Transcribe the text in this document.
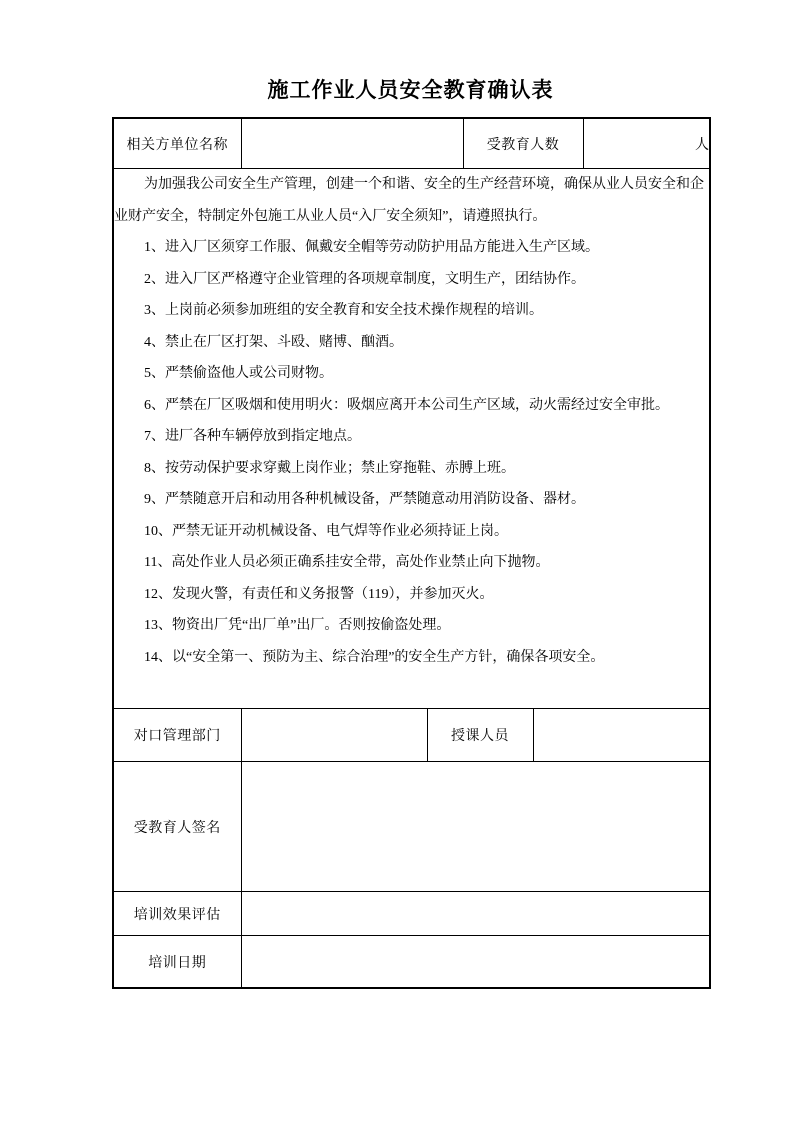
施工作业人员安全教育确认表
相关方单位名称			受教育人数		人

为加强我公司安全生产管理，创建一个和谐、安全的生产经营环境，确保从业人员安全和企
业财产安全，特制定外包施工从业人员“入厂安全须知”，请遵照执行。
1、进入厂区须穿工作服、佩戴安全帽等劳动防护用品方能进入生产区域。
2、进入厂区严格遵守企业管理的各项规章制度，文明生产，团结协作。
3、上岗前必须参加班组的安全教育和安全技术操作规程的培训。
4、禁止在厂区打架、斗殴、赌博、酗酒。
5、严禁偷盗他人或公司财物。
6、严禁在厂区吸烟和使用明火：吸烟应离开本公司生产区域，动火需经过安全审批。
7、进厂各种车辆停放到指定地点。
8、按劳动保护要求穿戴上岗作业；禁止穿拖鞋、赤膊上班。
9、严禁随意开启和动用各种机械设备，严禁随意动用消防设备、器材。
10、严禁无证开动机械设备、电气焊等作业必须持证上岗。
11、高处作业人员必须正确系挂安全带，高处作业禁止向下抛物。
12、发现火警，有责任和义务报警（119），并参加灭火。
13、物资出厂凭“出厂单”出厂。否则按偷盗处理。
14、以“安全第一、预防为主、综合治理”的安全生产方针，确保各项安全。

对口管理部门		授课人员			
受教育人签名					
培训效果评估					
培训日期					
